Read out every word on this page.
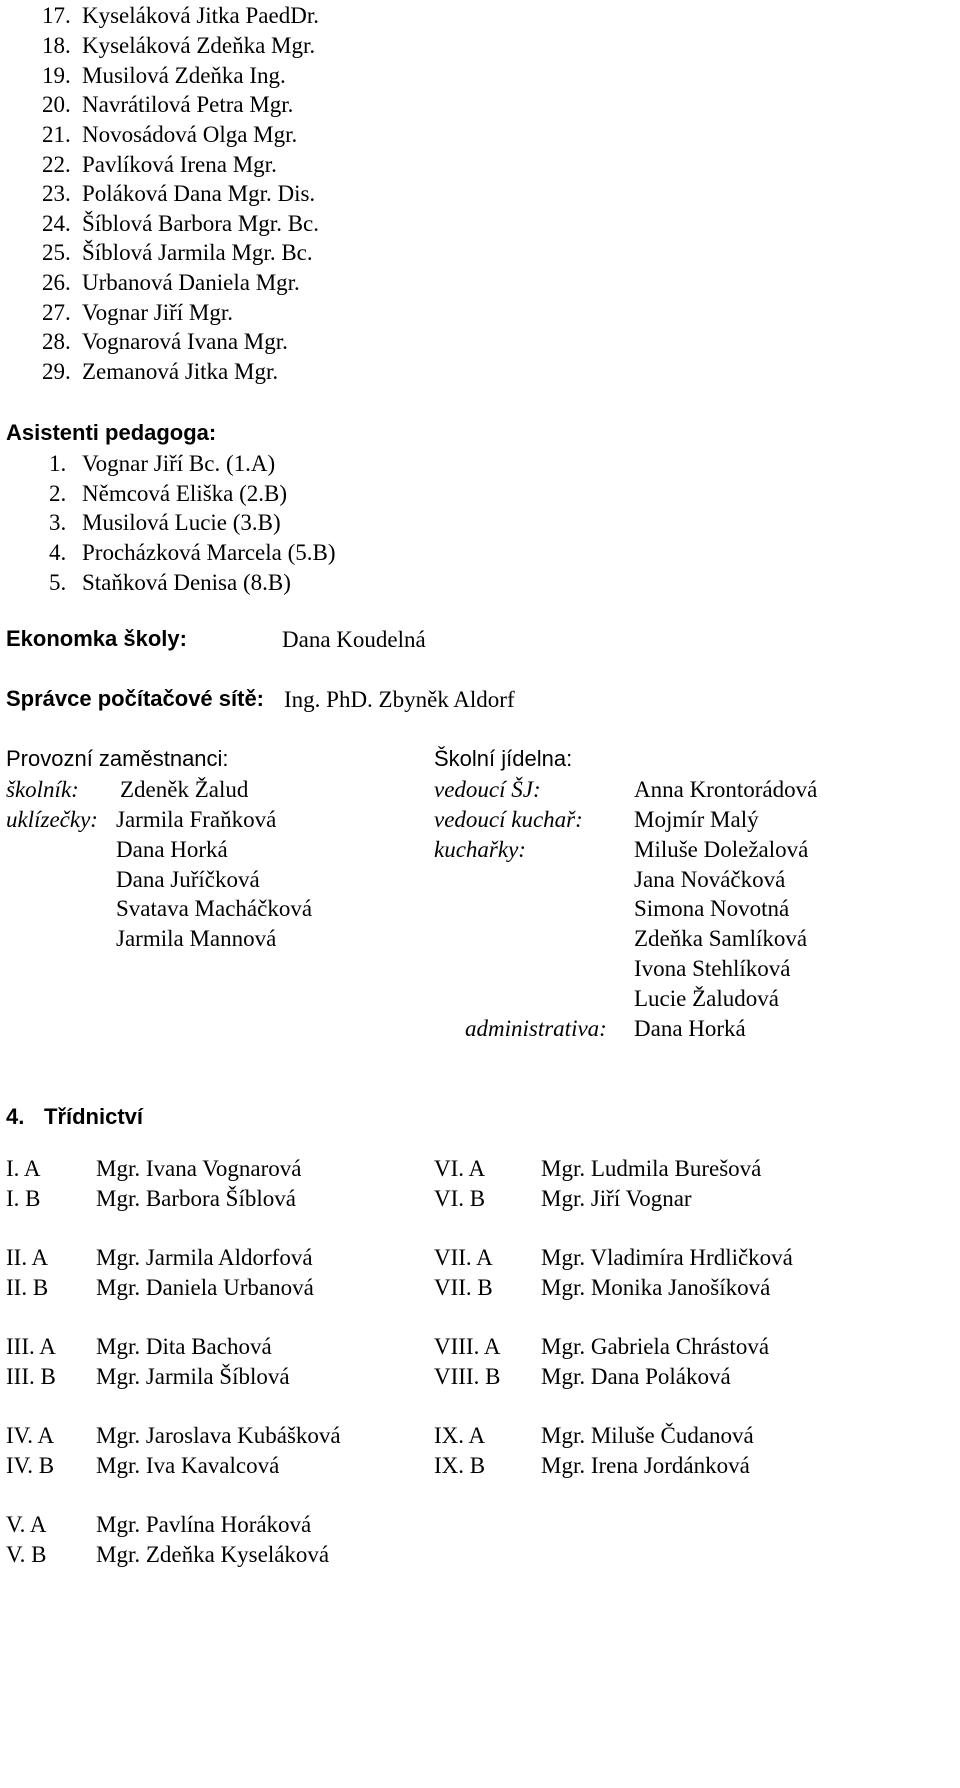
17. Kyseláková Jitka PaedDr.
18. Kyseláková Zdeňka Mgr.
19. Musilová Zdeňka Ing.
20. Navrátilová Petra Mgr.
21. Novosádová Olga Mgr.
22. Pavlíková Irena Mgr.
23. Poláková Dana Mgr. Dis.
24. Šíblová Barbora Mgr. Bc.
25. Šíblová Jarmila Mgr. Bc.
26. Urbanová Daniela Mgr.
27. Vognar Jiří Mgr.
28. Vognarová Ivana Mgr.
29. Zemanová Jitka Mgr.
Asistenti pedagoga:
1. Vognar Jiří Bc. (1.A)
2. Němcová Eliška (2.B)
3. Musilová Lucie (3.B)
4. Procházková Marcela (5.B)
5. Staňková Denisa (8.B)
Ekonomka školy:	Dana Koudelná
Správce počítačové sítě: Ing. PhD. Zbyněk Aldorf
Provozní zaměstnanci:
školník: Zdeněk Žalud
uklízečky: Jarmila Fraňková
Dana Horká
Dana Juříčková
Svatava Macháčková
Jarmila Mannová
Školní jídelna:
vedoucí ŠJ:	Anna Krontorádová
vedoucí kuchař: Mojmír Malý
kuchařky:	Miluše Doležalová
Jana Nováčková
Simona Novotná
Zdeňka Samlíková
Ivona Stehlíková
Lucie Žaludová
administrativa: Dana Horká
4. Třídnictví
I. A Mgr. Ivana Vognarová
I. B Mgr. Barbora Šíblová
II. A Mgr. Jarmila Aldorfová
II. B Mgr. Daniela Urbanová
III. A Mgr. Dita Bachová
III. B Mgr. Jarmila Šíblová
IV. A Mgr. Jaroslava Kubášková
IV. B Mgr. Iva Kavalcová
V. A Mgr. Pavlína Horáková
V. B Mgr. Zdeňka Kyseláková
VI. A Mgr. Ludmila Burešová
VI. B Mgr. Jiří Vognar
VII. A Mgr. Vladimíra Hrdličková
VII. B Mgr. Monika Janošíková
VIII. A Mgr. Gabriela Chrástová
VIII. B Mgr. Dana Poláková
IX. A Mgr. Miluše Čudanová
IX. B Mgr. Irena Jordánková
